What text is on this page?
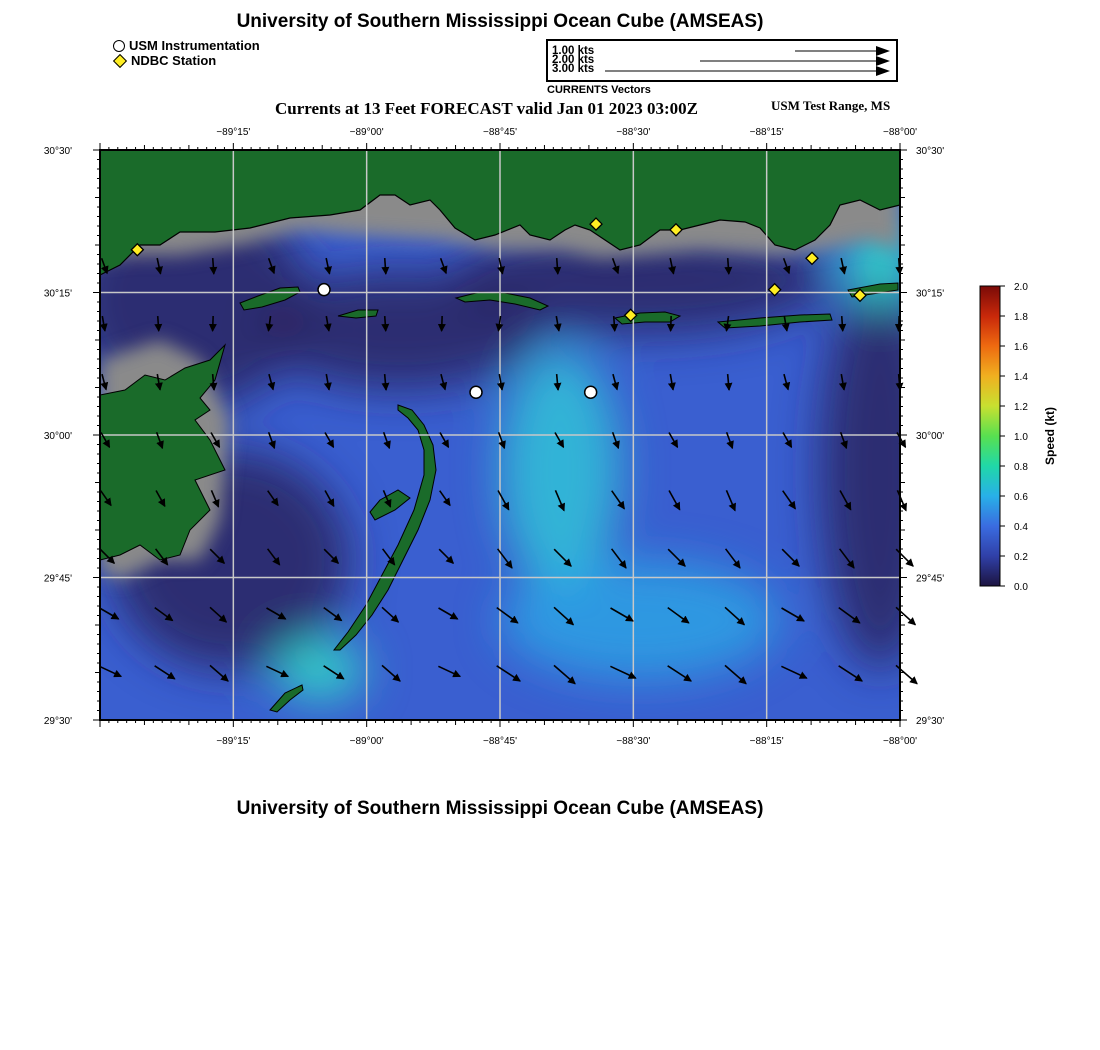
University of Southern Mississippi Ocean Cube (AMSEAS)
USM Instrumentation
NDBC Station
1.00 kts
2.00 kts
3.00 kts
CURRENTS Vectors
Currents at 13 Feet FORECAST valid Jan 01 2023 03:00Z	USM Test Range, MS
−89°15'
−89°15'
−89°00'
−89°00'
−88°45'
−88°45'
−88°30'
−88°30'
−88°15'
−88°15'
−88°00'
−88°00'
30°30'	30°30'
30°15'	30°15'
30°00'	30°00'
29°45'	29°45'
29°30'	29°30'
University of Southern Mississippi Ocean Cube (AMSEAS)
2.0
1.8
1.6
1.4
1.2
1.0
0.8
0.6
0.4
0.2
0.0
Speed (kt)
